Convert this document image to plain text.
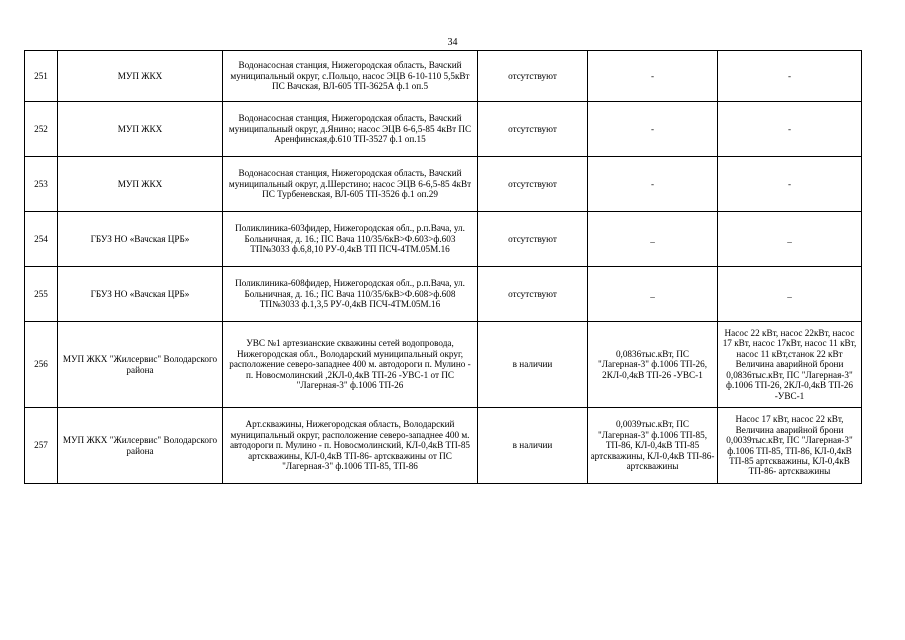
34
251	МУП ЖКХ	Водонасосная станция, Нижегородская область, Вачский муниципальный округ, с.Польцо, насос ЭЦВ 6-10-110 5,5кВт ПС Вачская, ВЛ-605 ТП-3625А ф.1 оп.5	отсутствуют	-	-
252	МУП ЖКХ	Водонасосная станция, Нижегородская область, Вачский муниципальный округ, д.Янино; насос ЭЦВ 6-6,5-85 4кВт ПС Аренфинская,ф.610 ТП-3527 ф.1 оп.15	отсутствуют	-	-
253	МУП ЖКХ	Водонасосная станция, Нижегородская область, Вачский муниципальный округ, д.Шерстино; насос ЭЦВ 6-6,5-85 4кВт ПС Турбеневская, ВЛ-605 ТП-3526 ф.1 оп.29	отсутствуют	-	-
254	ГБУЗ НО «Вачская ЦРБ»	Поликлиника-603фидер, Нижегородская обл., р.п.Вача, ул. Больничная, д. 16.; ПС Вача 110/35/6кВ>Ф.603>ф.603 ТП№3033 ф.6,8,10 РУ-0,4кВ ТП ПСЧ-4ТМ.05М.16	отсутствуют	_	_
255	ГБУЗ НО «Вачская ЦРБ»	Поликлиника-608фидер, Нижегородская обл., р.п.Вача, ул. Больничная, д. 16.; ПС Вача 110/35/6кВ>Ф.608>ф.608 ТП№3033 ф.1,3,5 РУ-0,4кВ ПСЧ-4ТМ.05М.16	отсутствуют	_	_
256	МУП ЖКХ "Жилсервис" Володарского района	УВС №1 артезианские скважины сетей водопровода, Нижегородская обл., Володарский муниципальный округ, расположение северо-западнее 400 м. автодороги п. Мулино - п. Новосмолинский ,2КЛ-0,4кВ ТП-26 -УВС-1 от ПС "Лагерная-3" ф.1006 ТП-26	в наличии	0,0836тыс.кВт, ПС "Лагерная-3" ф.1006 ТП-26, 2КЛ-0,4кВ ТП-26 -УВС-1	Насос 22 кВт, насос 22кВт, насос 17 кВт, насос 17кВт, насос 11 кВт, насос 11 кВт,станок 22 кВт Величина аварийной брони 0,0836тыс.кВт, ПС "Лагерная-3" ф.1006 ТП-26, 2КЛ-0,4кВ ТП-26 -УВС-1
257	МУП ЖКХ "Жилсервис" Володарского района	Арт.скважины, Нижегородская область, Володарский муниципальный округ, расположение северо-западнее 400 м. автодороги п. Мулино - п. Новосмолинский, КЛ-0,4кВ ТП-85 артскважины, КЛ-0,4кВ ТП-86- артскважины от ПС "Лагерная-3" ф.1006 ТП-85, ТП-86	в наличии	0,0039тыс.кВт, ПС "Лагерная-3" ф.1006 ТП-85, ТП-86, КЛ-0,4кВ ТП-85 артскважины, КЛ-0,4кВ ТП-86- артскважины	Насос 17 кВт, насос 22 кВт, Величина аварийной брони 0,0039тыс.кВт, ПС "Лагерная-3" ф.1006 ТП-85, ТП-86, КЛ-0,4кВ ТП-85 артскважины, КЛ-0,4кВ ТП-86- артскважины
